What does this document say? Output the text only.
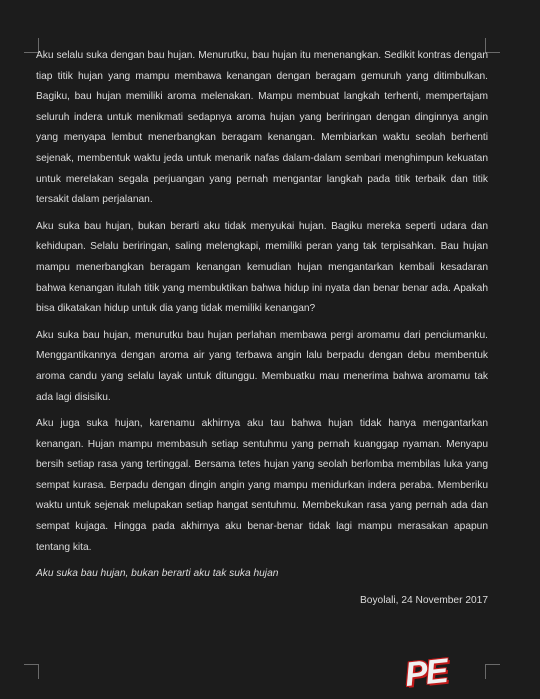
Aku selalu suka dengan bau hujan. Menurutku, bau hujan itu menenangkan. Sedikit kontras dengan tiap titik hujan yang mampu membawa kenangan dengan beragam gemuruh yang ditimbulkan. Bagiku, bau hujan memiliki aroma melenakan. Mampu membuat langkah terhenti, mempertajam seluruh indera untuk menikmati sedapnya aroma hujan yang beriringan dengan dinginnya angin yang menyapa lembut menerbangkan beragam kenangan. Membiarkan waktu seolah berhenti sejenak, membentuk waktu jeda untuk menarik nafas dalam-dalam sembari menghimpun kekuatan untuk merelakan segala perjuangan yang pernah mengantar langkah pada titik terbaik dan titik tersakit dalam perjalanan.

Aku suka bau hujan, bukan berarti aku tidak menyukai hujan. Bagiku mereka seperti udara dan kehidupan. Selalu beriringan, saling melengkapi, memiliki peran yang tak terpisahkan. Bau hujan mampu menerbangkan beragam kenangan kemudian hujan mengantarkan kembali kesadaran bahwa kenangan itulah titik yang membuktikan bahwa hidup ini nyata dan benar benar ada. Apakah bisa dikatakan hidup untuk dia yang tidak memiliki kenangan?

Aku suka bau hujan, menurutku bau hujan perlahan membawa pergi aromamu dari penciumanku. Menggantikannya dengan aroma air yang terbawa angin lalu berpadu dengan debu membentuk aroma candu yang selalu layak untuk ditunggu. Membuatku mau menerima bahwa aromamu tak ada lagi disisiku.

Aku juga suka hujan, karenamu akhirnya aku tau bahwa hujan tidak hanya mengantarkan kenangan. Hujan mampu membasuh setiap sentuhmu yang pernah kuanggap nyaman. Menyapu bersih setiap rasa yang tertinggal. Bersama tetes hujan yang seolah berlomba membilas luka yang sempat kurasa. Berpadu dengan dingin angin yang mampu menidurkan indera peraba. Memberiku waktu untuk sejenak melupakan setiap hangat sentuhmu. Membekukan rasa yang pernah ada dan sempat kujaga. Hingga pada akhirnya aku benar-benar tidak lagi mampu merasakan apapun tentang kita.

Aku suka bau hujan, bukan berarti aku tak suka hujan

Boyolali, 24 November 2017

PE
